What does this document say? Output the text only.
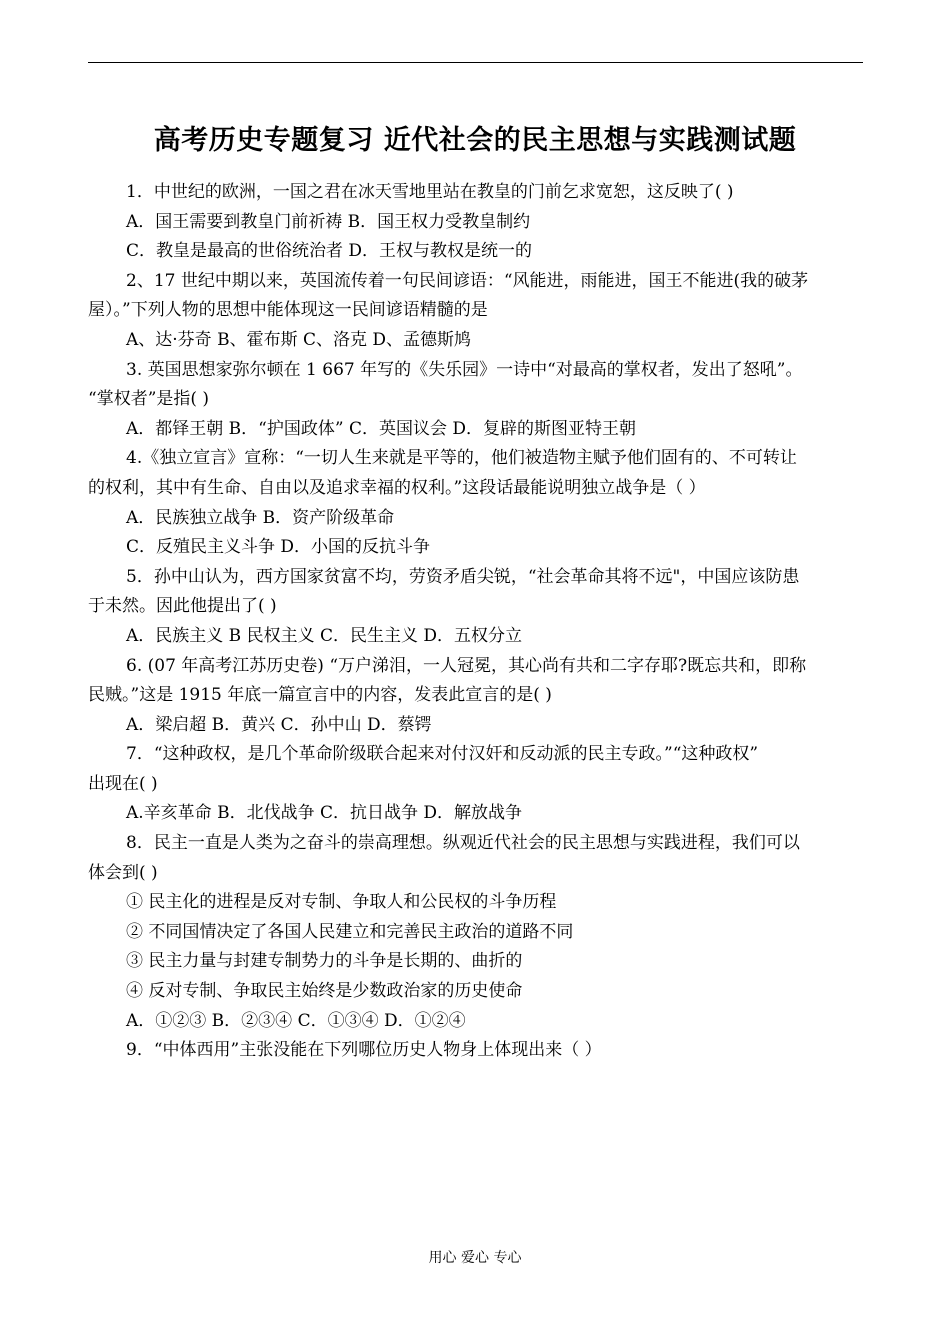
高考历史专题复习 近代社会的民主思想与实践测试题
1．中世纪的欧洲，一国之君在冰天雪地里站在教皇的门前乞求宽恕，这反映了( )
A．国王需要到教皇门前祈祷 B．国王权力受教皇制约
C．教皇是最高的世俗统治者 D．王权与教权是统一的
2、17 世纪中期以来，英国流传着一句民间谚语：“风能进，雨能进，国王不能进(我的破茅
屋）。”下列人物的思想中能体现这一民间谚语精髓的是
A、达·芬奇 B、霍布斯 C、洛克 D、孟德斯鸠
3. 英国思想家弥尔顿在 1 667 年写的《失乐园》一诗中“对最高的掌权者，发出了怒吼”。
“掌权者”是指( )
A．都铎王朝 B．“护国政体” C．英国议会 D．复辟的斯图亚特王朝
4.《独立宣言》宣称：“一切人生来就是平等的，他们被造物主赋予他们固有的、不可转让
的权利，其中有生命、自由以及追求幸福的权利。”这段话最能说明独立战争是（ ）
A．民族独立战争 B．资产阶级革命
C．反殖民主义斗争 D．小国的反抗斗争
5．孙中山认为，西方国家贫富不均，劳资矛盾尖锐，“社会革命其将不远"，中国应该防患
于未然。因此他提出了( )
A．民族主义 B 民权主义 C．民生主义 D．五权分立
6. (07 年高考江苏历史卷) “万户涕泪，一人冠冕，其心尚有共和二字存耶?既忘共和，即称
民贼。”这是 1915 年底一篇宣言中的内容，发表此宣言的是( )
A．梁启超 B．黄兴 C．孙中山 D．蔡锷
7．“这种政权，是几个革命阶级联合起来对付汉奸和反动派的民主专政。”“这种政权”
出现在( )
A.辛亥革命 B．北伐战争 C．抗日战争 D．解放战争
8．民主一直是人类为之奋斗的崇高理想。纵观近代社会的民主思想与实践进程，我们可以
体会到( )
① 民主化的进程是反对专制、争取人和公民权的斗争历程
② 不同国情决定了各国人民建立和完善民主政治的道路不同
③ 民主力量与封建专制势力的斗争是长期的、曲折的
④ 反对专制、争取民主始终是少数政治家的历史使命
A．①②③ B．②③④ C．①③④ D．①②④
9．“中体西用”主张没能在下列哪位历史人物身上体现出来（ ）
用心 爱心 专心
